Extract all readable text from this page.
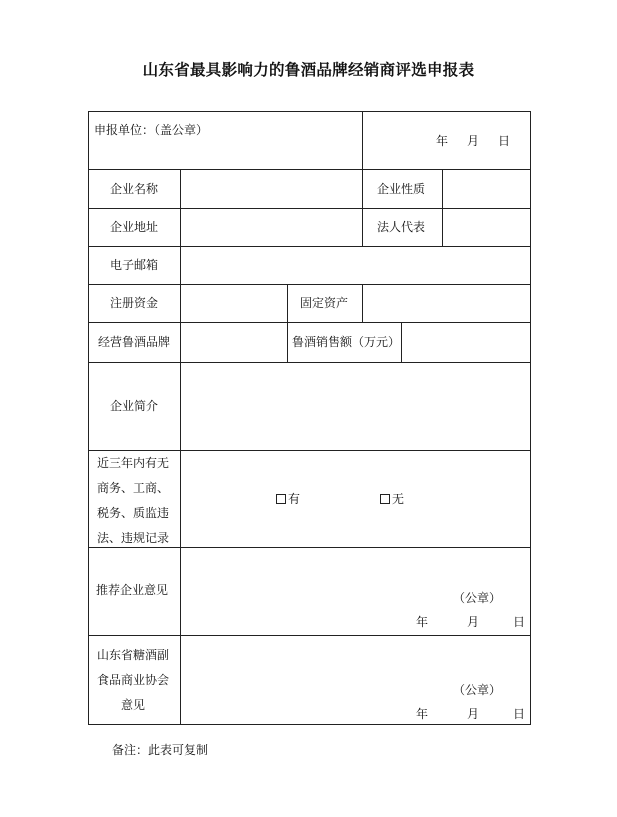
山东省最具影响力的鲁酒品牌经销商评选申报表
申报单位：（盖公章）
年 月 日
企业名称	企业性质
企业地址	法人代表
电子邮箱
注册资金	固定资产
经营鲁酒品牌	鲁酒销售额（万元）
企业简介
近三年内有无
商务、工商、
税务、质监违
法、违规记录
有	无
推荐企业意见
（公章）
年	月	日
山东省糖酒副
食品商业协会
意见
（公章）
年	月	日
备注：此表可复制
